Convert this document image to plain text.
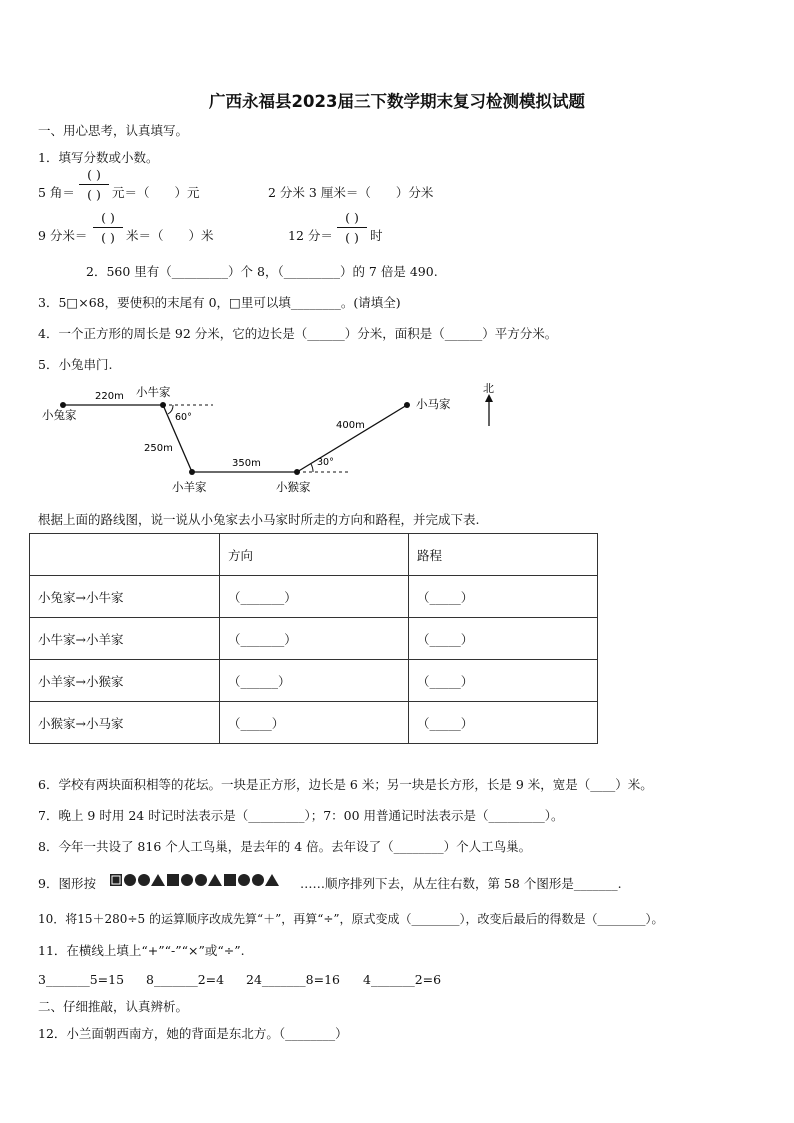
广西永福县2023届三下数学期末复习检测模拟试题
一、用心思考，认真填写。
1．填写分数或小数。
5 角＝
( )
( ) 元＝（　　）元	2 分米 3 厘米＝（　　）分米
9 分米＝
( )
( ) 米＝（　　）米	12 分＝
( )
( ) 时
2．560 里有（_________）个 8，（_________）的 7 倍是 490.
3．5□×68，要使积的末尾有 0，□里可以填________。(请填全)
4．一个正方形的周长是 92 分米，它的边长是（______）分米，面积是（______）平方分米。
5．小兔串门.
小兔家
小牛家
小羊家	小猴家
小马家
220m
250m
350m
400m
60°
30°
北
根据上面的路线图，说一说从小兔家去小马家时所走的方向和路程，并完成下表.
	方向	路程
小兔家→小牛家	（_______）	（_____）
小牛家→小羊家	（_______）	（_____）
小羊家→小猴家	（______）	（_____）
小猴家→小马家	（_____）	（_____）
6．学校有两块面积相等的花坛。一块是正方形，边长是 6 米；另一块是长方形，长是 9 米，宽是（____）米。
7．晚上 9 时用 24 时记时法表示是（_________）；7：00 用普通记时法表示是（_________）。
8．今年一共设了 816 个人工鸟巢，是去年的 4 倍。去年设了（________）个人工鸟巢。
9．图形按	……顺序排列下去，从左往右数，第 58 个图形是_______.
10．将15＋280÷5 的运算顺序改成先算“＋”，再算“÷”，原式变成（________），改变后最后的得数是（________）。
11．在横线上填上“+”“-”“×”或“÷”.
3_______5=15 8_______2=4 24_______8=16 4_______2=6
二、仔细推敲，认真辨析。
12．小兰面朝西南方，她的背面是东北方。（________）
